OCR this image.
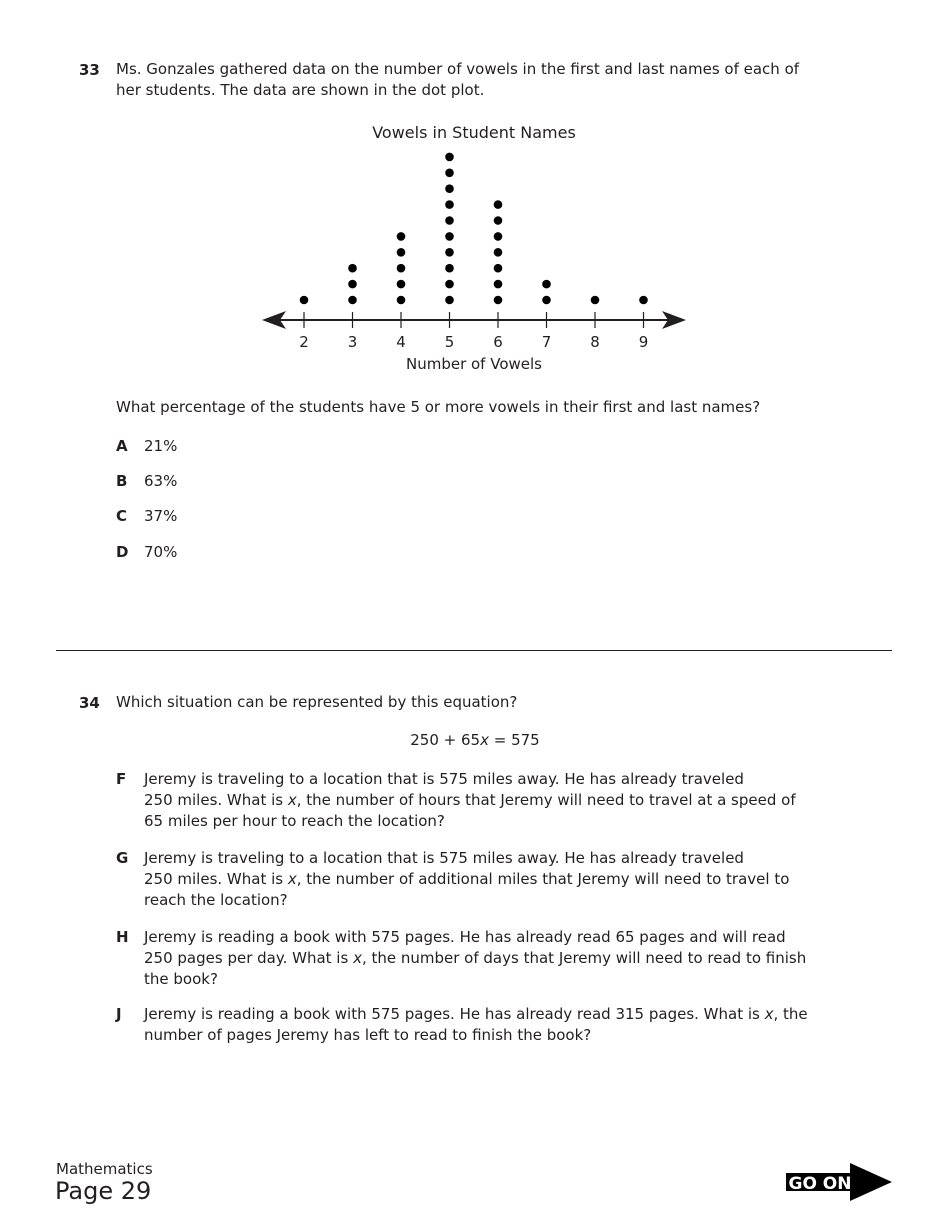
33 Ms. Gonzales gathered data on the number of vowels in the first and last names of each of
her students. The data are shown in the dot plot.
Vowels in Student Names
2	3	4	5	6	7	8	9
Number of Vowels
What percentage of the students have 5 or more vowels in their first and last names?
A 21%
B 63%
C 37%
D 70%
34 Which situation can be represented by this equation?
250 + 65x = 575
F Jeremy is traveling to a location that is 575 miles away. He has already traveled
250 miles. What is x, the number of hours that Jeremy will need to travel at a speed of
65 miles per hour to reach the location?
G Jeremy is traveling to a location that is 575 miles away. He has already traveled
250 miles. What is x, the number of additional miles that Jeremy will need to travel to
reach the location?
H Jeremy is reading a book with 575 pages. He has already read 65 pages and will read
250 pages per day. What is x, the number of days that Jeremy will need to read to finish
the book?
J Jeremy is reading a book with 575 pages. He has already read 315 pages. What is x, the
number of pages Jeremy has left to read to finish the book?
Mathematics
Page 29	GO ON
